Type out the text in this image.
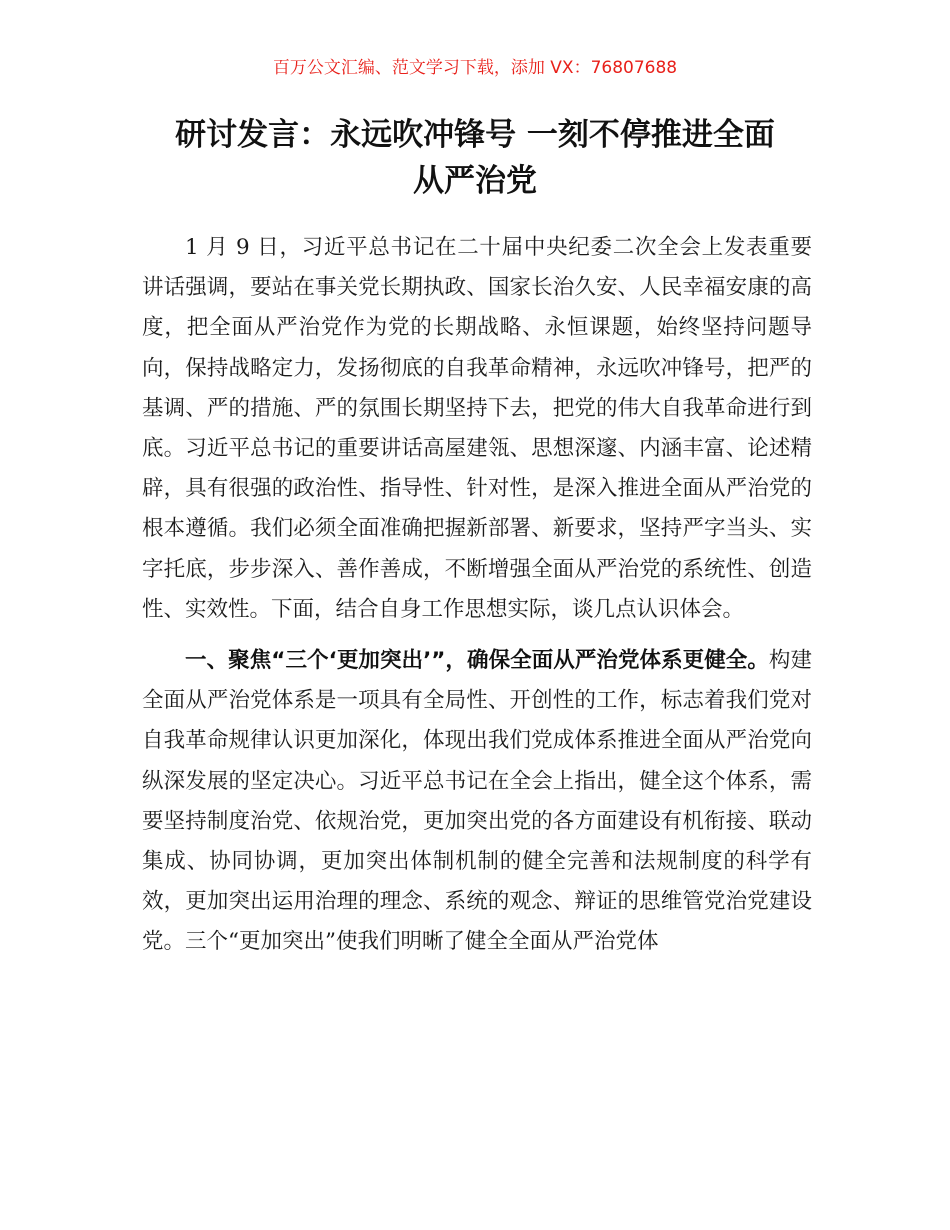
百万公文汇编、范文学习下载，添加 VX：76807688
研讨发言：永远吹冲锋号 一刻不停推进全面
从严治党

1 月 9 日，习近平总书记在二十届中央纪委二次全会上发表重要讲话强调，要站在事关党长期执政、国家长治久安、人民幸福安康的高度，把全面从严治党作为党的长期战略、永恒课题，始终坚持问题导向，保持战略定力，发扬彻底的自我革命精神，永远吹冲锋号，把严的基调、严的措施、严的氛围长期坚持下去，把党的伟大自我革命进行到底。习近平总书记的重要讲话高屋建瓴、思想深邃、内涵丰富、论述精辟，具有很强的政治性、指导性、针对性，是深入推进全面从严治党的根本遵循。我们必须全面准确把握新部署、新要求，坚持严字当头、实字托底，步步深入、善作善成，不断增强全面从严治党的系统性、创造性、实效性。下面，结合自身工作思想实际，谈几点认识体会。

一、聚焦“三个‘更加突出’”，确保全面从严治党体系更健全。构建全面从严治党体系是一项具有全局性、开创性的工作，标志着我们党对自我革命规律认识更加深化，体现出我们党成体系推进全面从严治党向纵深发展的坚定决心。习近平总书记在全会上指出，健全这个体系，需要坚持制度治党、依规治党，更加突出党的各方面建设有机衔接、联动集成、协同协调，更加突出体制机制的健全完善和法规制度的科学有效，更加突出运用治理的理念、系统的观念、辩证的思维管党治党建设党。三个“更加突出”使我们明晰了健全全面从严治党体
